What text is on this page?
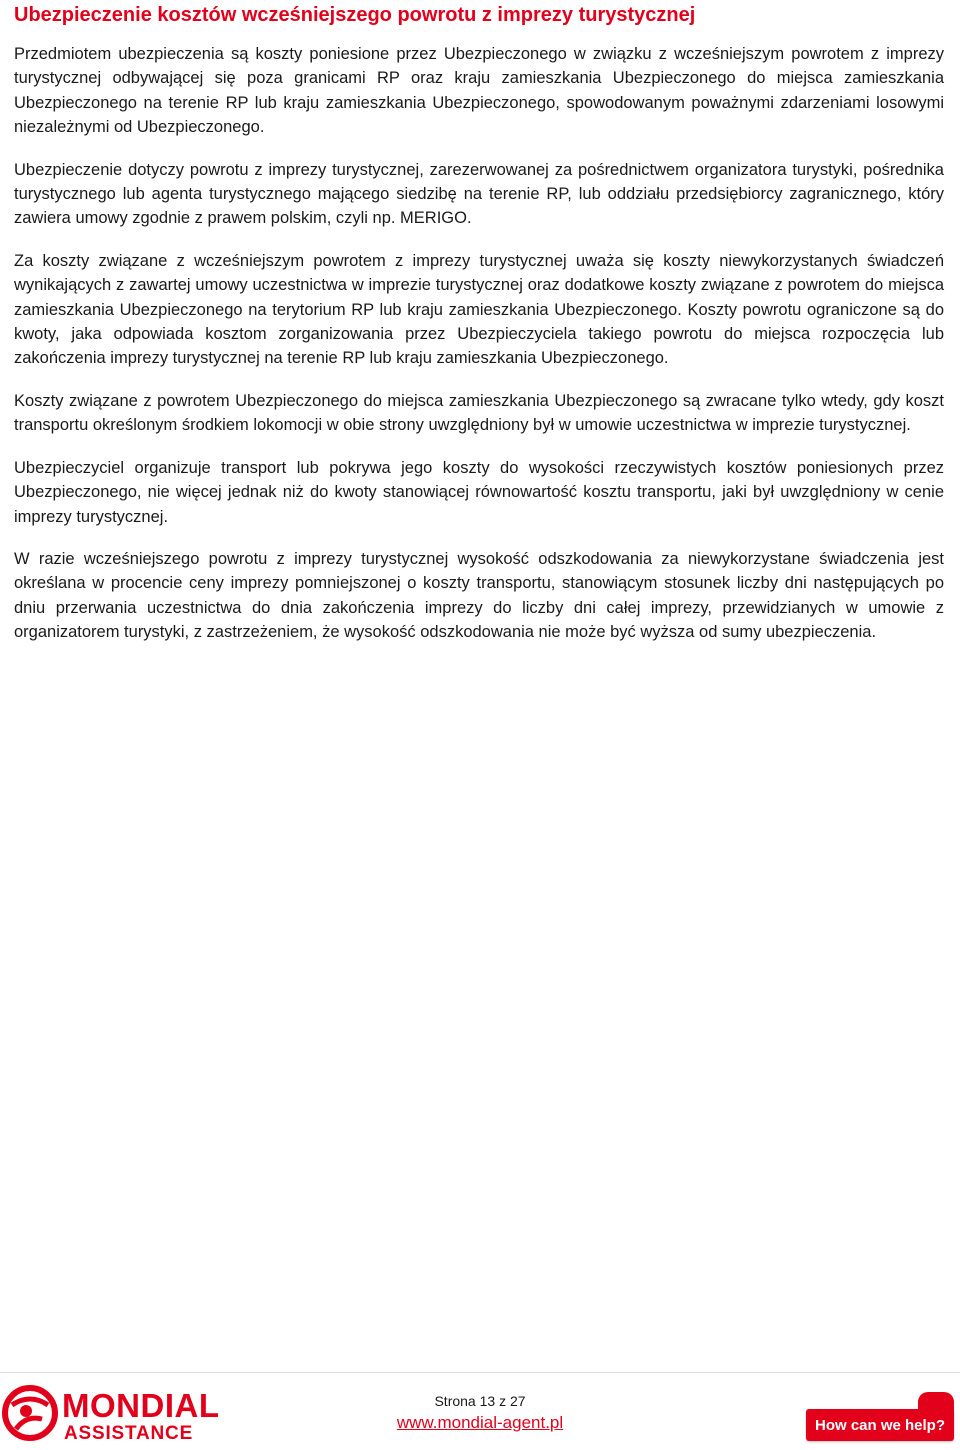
Ubezpieczenie kosztów wcześniejszego powrotu z imprezy turystycznej

Przedmiotem ubezpieczenia są koszty poniesione przez Ubezpieczonego w związku z wcześniejszym powrotem z imprezy turystycznej odbywającej się poza granicami RP oraz kraju zamieszkania Ubezpieczonego do miejsca zamieszkania Ubezpieczonego na terenie RP lub kraju zamieszkania Ubezpieczonego, spowodowanym poważnymi zdarzeniami losowymi niezależnymi od Ubezpieczonego.

Ubezpieczenie dotyczy powrotu z imprezy turystycznej, zarezerwowanej za pośrednictwem organizatora turystyki, pośrednika turystycznego lub agenta turystycznego mającego siedzibę na terenie RP, lub oddziału przedsiębiorcy zagranicznego, który zawiera umowy zgodnie z prawem polskim, czyli np. MERIGO.

Za koszty związane z wcześniejszym powrotem z imprezy turystycznej uważa się koszty niewykorzystanych świadczeń wynikających z zawartej umowy uczestnictwa w imprezie turystycznej oraz dodatkowe koszty związane z powrotem do miejsca zamieszkania Ubezpieczonego na terytorium RP lub kraju zamieszkania Ubezpieczonego. Koszty powrotu ograniczone są do kwoty, jaka odpowiada kosztom zorganizowania przez Ubezpieczyciela takiego powrotu do miejsca rozpoczęcia lub zakończenia imprezy turystycznej na terenie RP lub kraju zamieszkania Ubezpieczonego.

Koszty związane z powrotem Ubezpieczonego do miejsca zamieszkania Ubezpieczonego są zwracane tylko wtedy, gdy koszt transportu określonym środkiem lokomocji w obie strony uwzględniony był w umowie uczestnictwa w imprezie turystycznej.

Ubezpieczyciel organizuje transport lub pokrywa jego koszty do wysokości rzeczywistych kosztów poniesionych przez Ubezpieczonego, nie więcej jednak niż do kwoty stanowiącej równowartość kosztu transportu, jaki był uwzględniony w cenie imprezy turystycznej.

W razie wcześniejszego powrotu z imprezy turystycznej wysokość odszkodowania za niewykorzystane świadczenia jest określana w procencie ceny imprezy pomniejszonej o koszty transportu, stanowiącym stosunek liczby dni następujących po dniu przerwania uczestnictwa do dnia zakończenia imprezy do liczby dni całej imprezy, przewidzianych w umowie z organizatorem turystyki, z zastrzeżeniem, że wysokość odszkodowania nie może być wyższa od sumy ubezpieczenia.

MONDIAL
ASSISTANCE
Strona 13 z 27
www.mondial-agent.pl	How can we help?
